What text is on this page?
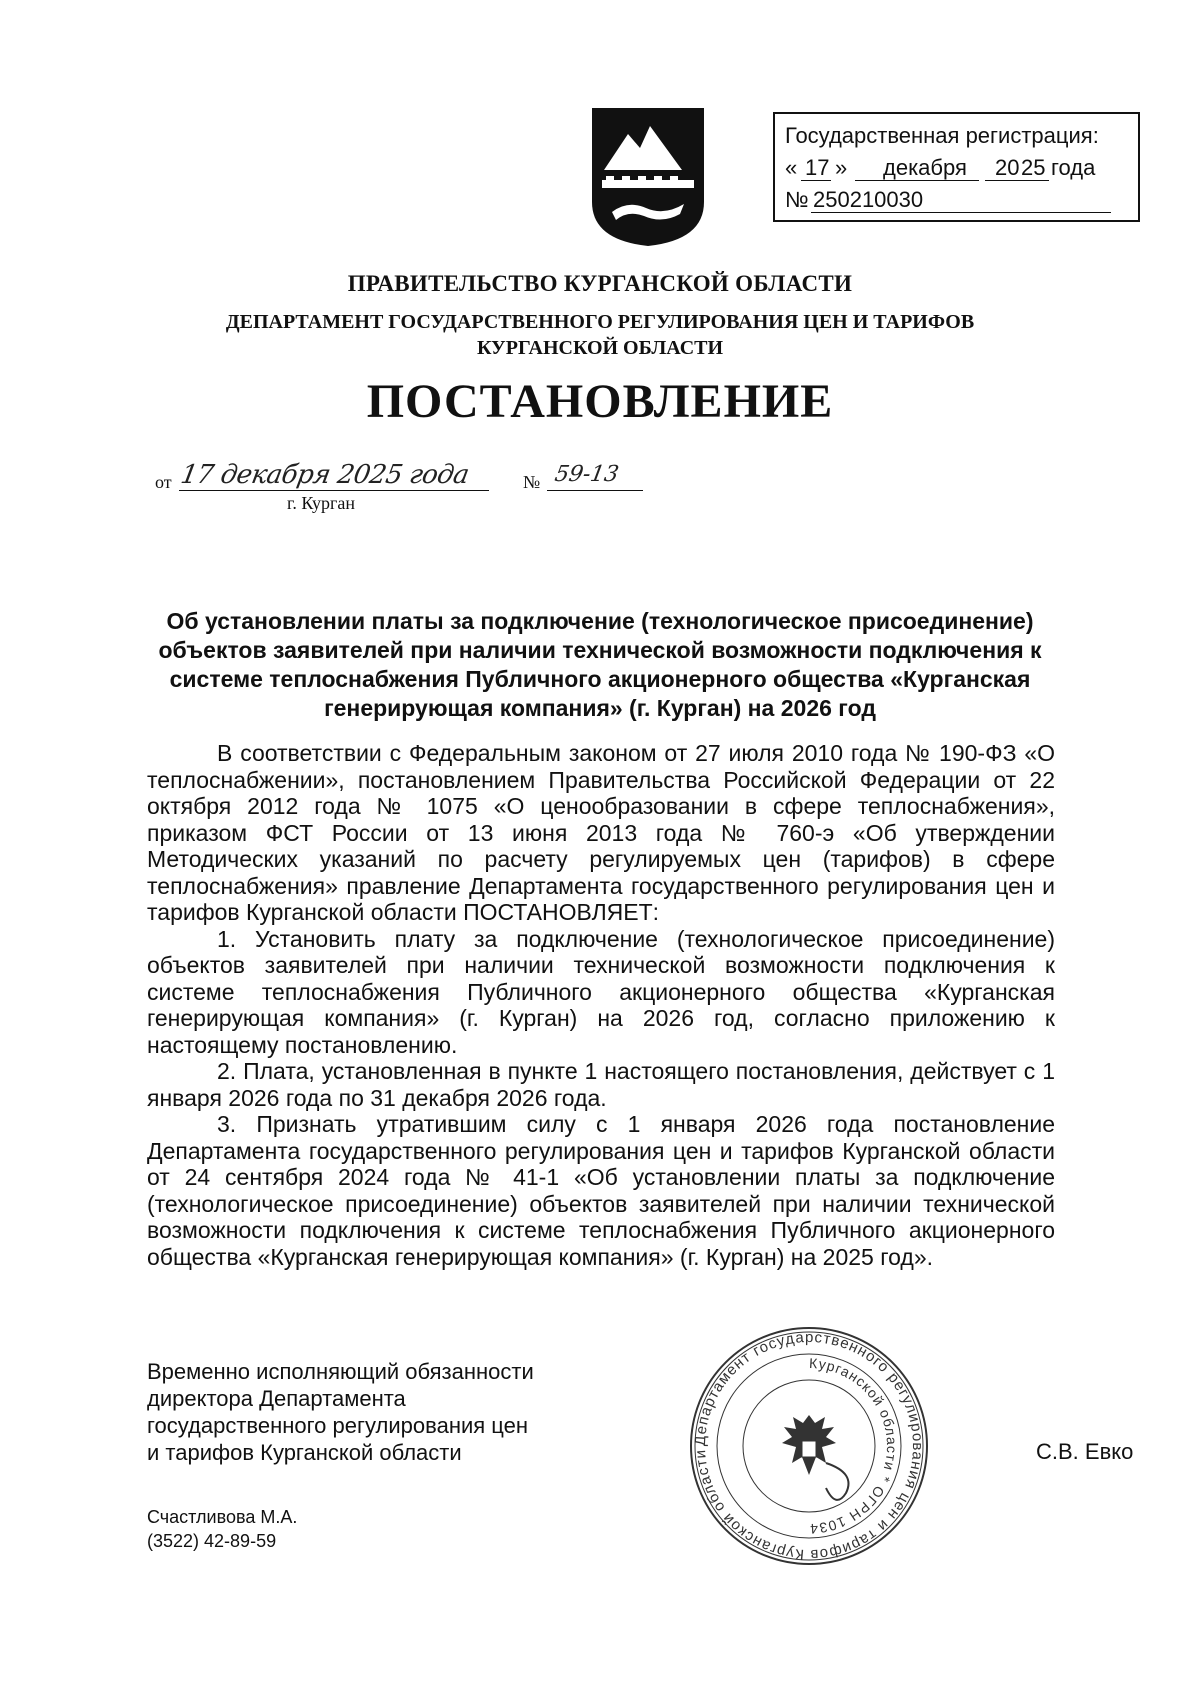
Государственная регистрация:
« 17 » декабря 20 25 года
№ 250210030
ПРАВИТЕЛЬСТВО КУРГАНСКОЙ ОБЛАСТИ
ДЕПАРТАМЕНТ ГОСУДАРСТВЕННОГО РЕГУЛИРОВАНИЯ ЦЕН И ТАРИФОВ
КУРГАНСКОЙ ОБЛАСТИ
ПОСТАНОВЛЕНИЕ
от 17 декабря 2025 года	№ 59-13
г. Курган
Об установлении платы за подключение (технологическое присоединение) объектов заявителей при наличии технической возможности подключения к системе теплоснабжения Публичного акционерного общества «Курганская генерирующая компания» (г. Курган) на 2026 год

В соответствии с Федеральным законом от 27 июля 2010 года № 190-ФЗ «О теплоснабжении», постановлением Правительства Российской Федерации от 22 октября 2012 года № 1075 «О ценообразовании в сфере теплоснабжения», приказом ФСТ России от 13 июня 2013 года № 760-э «Об утверждении Методических указаний по расчету регулируемых цен (тарифов) в сфере теплоснабжения» правление Департамента государственного регулирования цен и тарифов Курганской области ПОСТАНОВЛЯЕТ:

1. Установить плату за подключение (технологическое присоединение) объектов заявителей при наличии технической возможности подключения к системе теплоснабжения Публичного акционерного общества «Курганская генерирующая компания» (г. Курган) на 2026 год, согласно приложению к настоящему постановлению.

2. Плата, установленная в пункте 1 настоящего постановления, действует с 1 января 2026 года по 31 декабря 2026 года.

3. Признать утратившим силу с 1 января 2026 года постановление Департамента государственного регулирования цен и тарифов Курганской области от 24 сентября 2024 года № 41-1 «Об установлении платы за подключение (технологическое присоединение) объектов заявителей при наличии технической возможности подключения к системе теплоснабжения Публичного акционерного общества «Курганская генерирующая компания» (г. Курган) на 2025 год».

Временно исполняющий обязанности
директора Департамента
государственного регулирования цен
и тарифов Курганской области	С.В. Евко
Департамент государственного регулирования цен и тарифов Курганской области
Курганской области * ОГРН 1034
Счастливова М.А.
(3522) 42-89-59
